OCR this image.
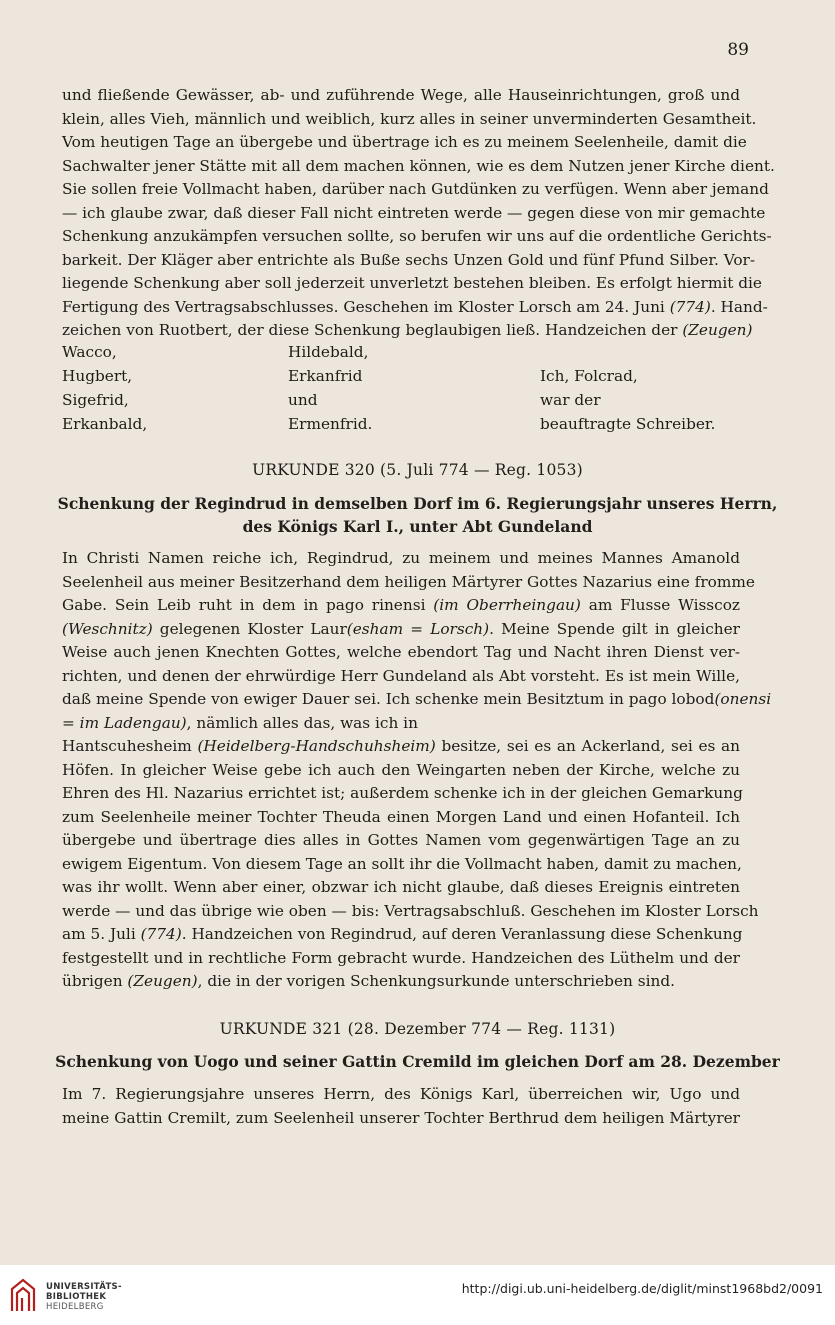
89
und fließende Gewässer, ab- und zuführende Wege, alle Hauseinrichtungen, groß und
klein, alles Vieh, männlich und weiblich, kurz alles in seiner unverminderten Gesamtheit.
Vom heutigen Tage an übergebe und übertrage ich es zu meinem Seelenheile, damit die
Sachwalter jener Stätte mit all dem machen können, wie es dem Nutzen jener Kirche dient.
Sie sollen freie Vollmacht haben, darüber nach Gutdünken zu verfügen. Wenn aber jemand
— ich glaube zwar, daß dieser Fall nicht eintreten werde — gegen diese von mir gemachte
Schenkung anzukämpfen versuchen sollte, so berufen wir uns auf die ordentliche Gerichts-
barkeit. Der Kläger aber entrichte als Buße sechs Unzen Gold und fünf Pfund Silber. Vor-
liegende Schenkung aber soll jederzeit unverletzt bestehen bleiben. Es erfolgt hiermit die
Fertigung des Vertragsabschlusses. Geschehen im Kloster Lorsch am 24. Juni (774). Hand-
zeichen von Ruotbert, der diese Schenkung beglaubigen ließ. Handzeichen der (Zeugen)
Wacco,	Hildebald,
Hugbert,	Erkanfrid	Ich, Folcrad,
Sigefrid,	und	war der
Erkanbald,	Ermenfrid.	beauftragte Schreiber.
URKUNDE 320 (5. Juli 774 — Reg. 1053)
Schenkung der Regindrud in demselben Dorf im 6. Regierungsjahr unseres Herrn,
des Königs Karl I., unter Abt Gundeland
In Christi Namen reiche ich, Regindrud, zu meinem und meines Mannes Amanold
Seelenheil aus meiner Besitzerhand dem heiligen Märtyrer Gottes Nazarius eine fromme
Gabe. Sein Leib ruht in dem in pago rinensi (im Oberrheingau) am Flusse Wisscoz
(Weschnitz) gelegenen Kloster Laur(esham = Lorsch). Meine Spende gilt in gleicher
Weise auch jenen Knechten Gottes, welche ebendort Tag und Nacht ihren Dienst ver-
richten, und denen der ehrwürdige Herr Gundeland als Abt vorsteht. Es ist mein Wille,
daß meine Spende von ewiger Dauer sei. Ich schenke mein Besitztum in pago lobod(onensi
= im Ladengau), nämlich alles das, was ich in
Hantscuhesheim (Heidelberg-Handschuhsheim) besitze, sei es an Ackerland, sei es an
Höfen. In gleicher Weise gebe ich auch den Weingarten neben der Kirche, welche zu
Ehren des Hl. Nazarius errichtet ist; außerdem schenke ich in der gleichen Gemarkung
zum Seelenheile meiner Tochter Theuda einen Morgen Land und einen Hofanteil. Ich
übergebe und übertrage dies alles in Gottes Namen vom gegenwärtigen Tage an zu
ewigem Eigentum. Von diesem Tage an sollt ihr die Vollmacht haben, damit zu machen,
was ihr wollt. Wenn aber einer, obzwar ich nicht glaube, daß dieses Ereignis eintreten
werde — und das übrige wie oben — bis: Vertragsabschluß. Geschehen im Kloster Lorsch
am 5. Juli (774). Handzeichen von Regindrud, auf deren Veranlassung diese Schenkung
festgestellt und in rechtliche Form gebracht wurde. Handzeichen des Lüthelm und der
übrigen (Zeugen), die in der vorigen Schenkungsurkunde unterschrieben sind.
URKUNDE 321 (28. Dezember 774 — Reg. 1131)
Schenkung von Uogo und seiner Gattin Cremild im gleichen Dorf am 28. Dezember
Im 7. Regierungsjahre unseres Herrn, des Königs Karl, überreichen wir, Ugo und
meine Gattin Cremilt, zum Seelenheil unserer Tochter Berthrud dem heiligen Märtyrer
UNIVERSITÄTS-
BIBLIOTHEK
HEIDELBERG
http://digi.ub.uni-heidelberg.de/diglit/minst1968bd2/0091
